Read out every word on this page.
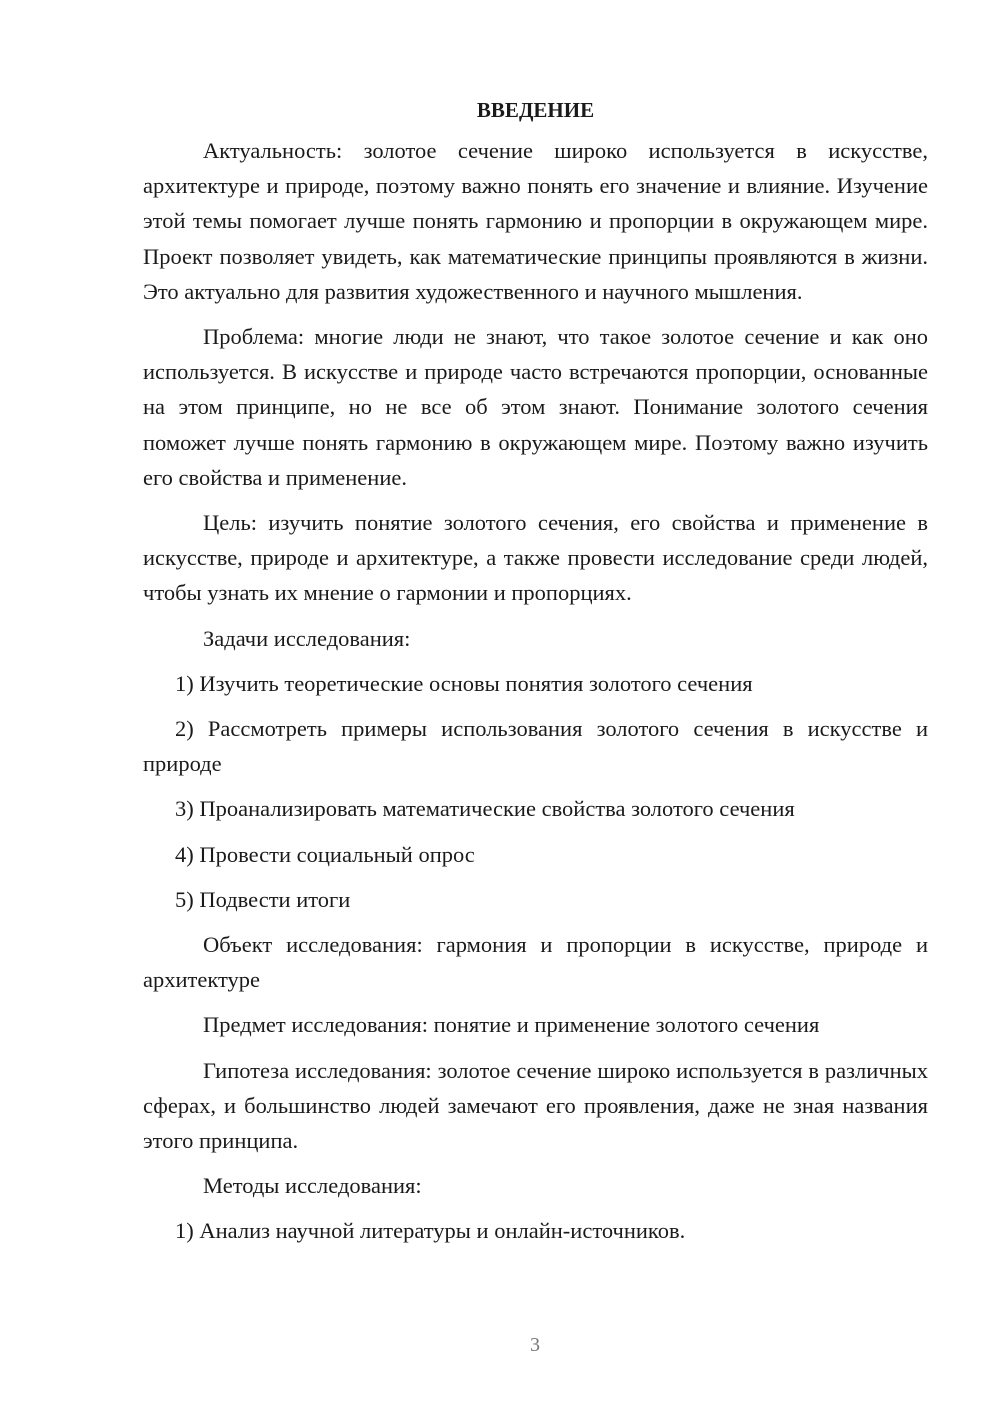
ВВЕДЕНИЕ

Актуальность: золотое сечение широко используется в искусстве, архитектуре и природе, поэтому важно понять его значение и влияние. Изучение этой темы помогает лучше понять гармонию и пропорции в окружающем мире. Проект позволяет увидеть, как математические принципы проявляются в жизни. Это актуально для развития художественного и научного мышления.

Проблема: многие люди не знают, что такое золотое сечение и как оно используется. В искусстве и природе часто встречаются пропорции, основанные на этом принципе, но не все об этом знают. Понимание золотого сечения поможет лучше понять гармонию в окружающем мире. Поэтому важно изучить его свойства и применение.

Цель: изучить понятие золотого сечения, его свойства и применение в искусстве, природе и архитектуре, а также провести исследование среди людей, чтобы узнать их мнение о гармонии и пропорциях.

Задачи исследования:

1) Изучить теоретические основы понятия золотого сечения

2) Рассмотреть примеры использования золотого сечения в искусстве и природе

3) Проанализировать математические свойства золотого сечения

4) Провести социальный опрос

5) Подвести итоги

Объект исследования: гармония и пропорции в искусстве, природе и архитектуре

Предмет исследования: понятие и применение золотого сечения

Гипотеза исследования: золотое сечение широко используется в различных сферах, и большинство людей замечают его проявления, даже не зная названия этого принципа.

Методы исследования:

1) Анализ научной литературы и онлайн-источников.

3
